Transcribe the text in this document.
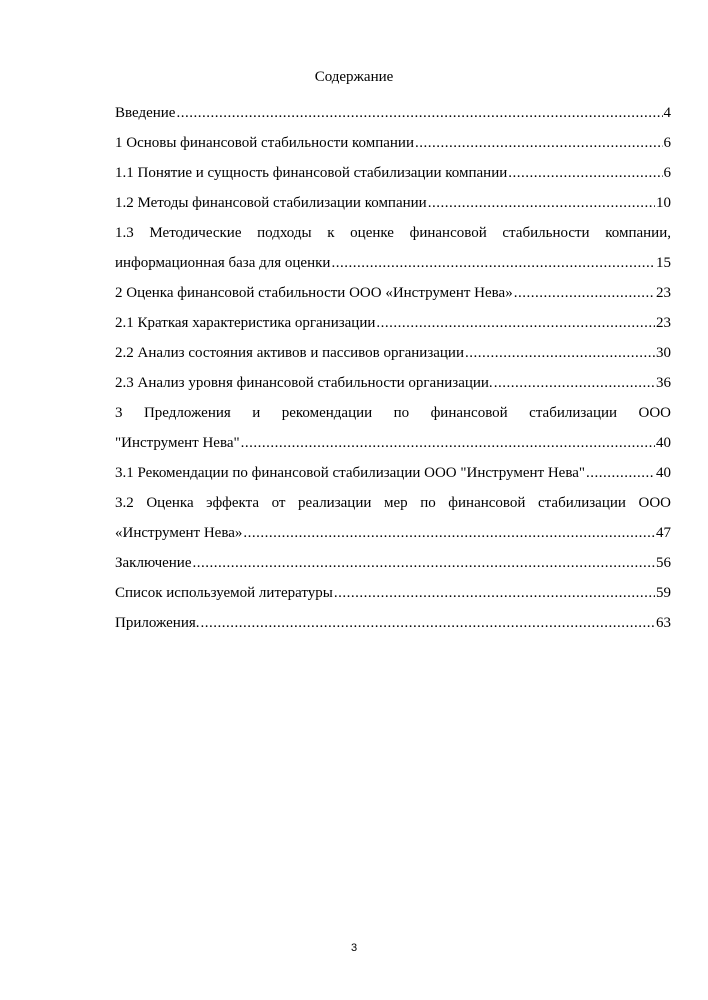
Содержание
Введение .....	4
1 Основы финансовой стабильности компании .....	6
1.1 Понятие и сущность финансовой стабилизации компании .....	6
1.2 Методы финансовой стабилизации компании .....	10
1.3 Методические подходы к оценке финансовой стабильности компании,
информационная база для оценки .....	15
2 Оценка финансовой стабильности ООО «Инструмент Нева» .....	23
2.1 Краткая характеристика организации .....	23
2.2 Анализ состояния активов и пассивов организации .....	30
2.3 Анализ уровня финансовой стабильности организации. .....	36
3 Предложения и рекомендации по финансовой стабилизации ООО
"Инструмент Нева" .....	40
3.1 Рекомендации по финансовой стабилизации ООО "Инструмент Нева" .....	40
3.2 Оценка эффекта от реализации мер по финансовой стабилизации ООО
«Инструмент Нева» .....	47
Заключение .....	56
Список используемой литературы .....	59
Приложения. .....	63
3
